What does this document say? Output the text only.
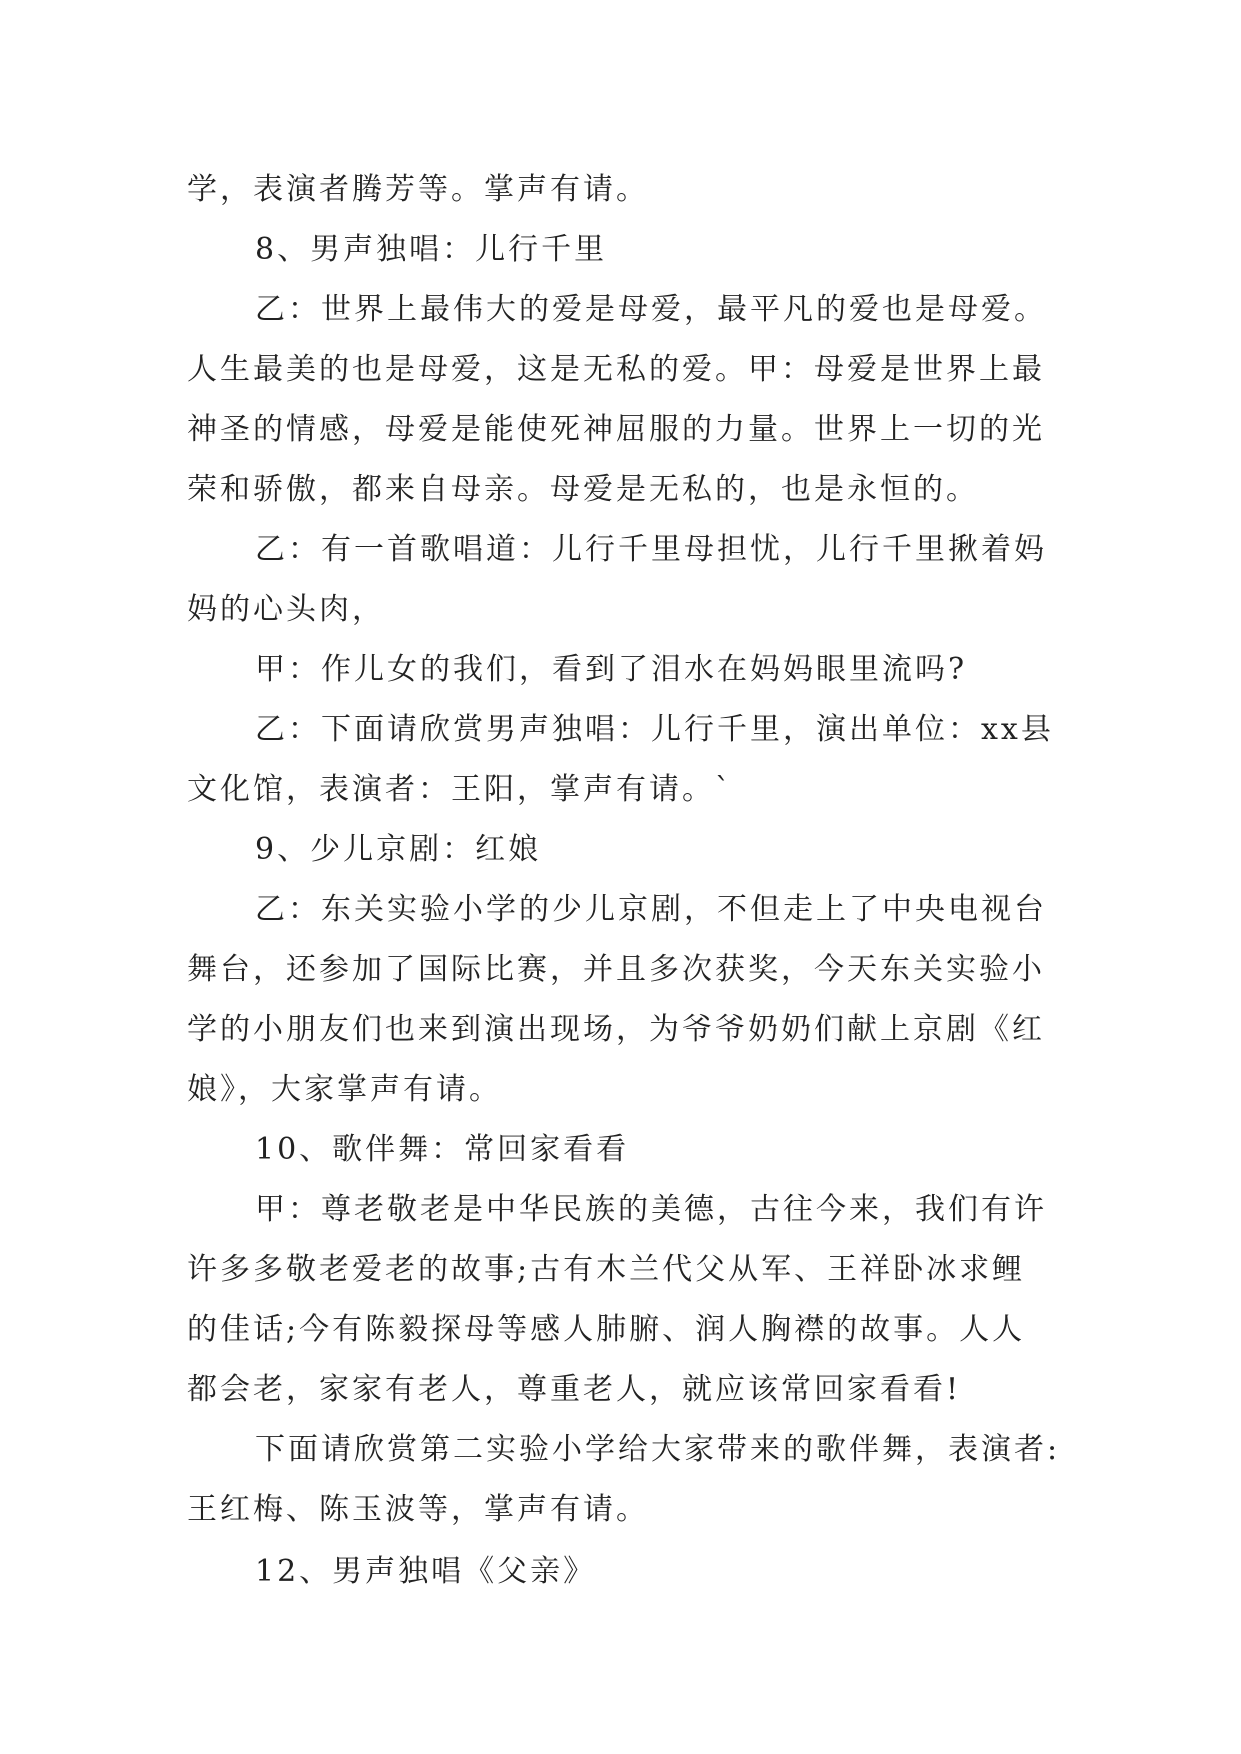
学，表演者腾芳等。掌声有请。

8、男声独唱：儿行千里

乙：世界上最伟大的爱是母爱，最平凡的爱也是母爱。

人生最美的也是母爱，这是无私的爱。甲：母爱是世界上最

神圣的情感，母爱是能使死神屈服的力量。世界上一切的光

荣和骄傲，都来自母亲。母爱是无私的，也是永恒的。

乙：有一首歌唱道：儿行千里母担忧，儿行千里揪着妈

妈的心头肉，

甲：作儿女的我们，看到了泪水在妈妈眼里流吗?

乙：下面请欣赏男声独唱：儿行千里，演出单位：xx县

文化馆，表演者：王阳，掌声有请。`

9、少儿京剧：红娘

乙：东关实验小学的少儿京剧，不但走上了中央电视台

舞台，还参加了国际比赛，并且多次获奖，今天东关实验小

学的小朋友们也来到演出现场，为爷爷奶奶们献上京剧《红

娘》，大家掌声有请。

10、歌伴舞：常回家看看

甲：尊老敬老是中华民族的美德，古往今来，我们有许

许多多敬老爱老的故事;古有木兰代父从军、王祥卧冰求鲤

的佳话;今有陈毅探母等感人肺腑、润人胸襟的故事。人人

都会老，家家有老人，尊重老人，就应该常回家看看!

下面请欣赏第二实验小学给大家带来的歌伴舞，表演者:

王红梅、陈玉波等，掌声有请。

12、男声独唱《父亲》
